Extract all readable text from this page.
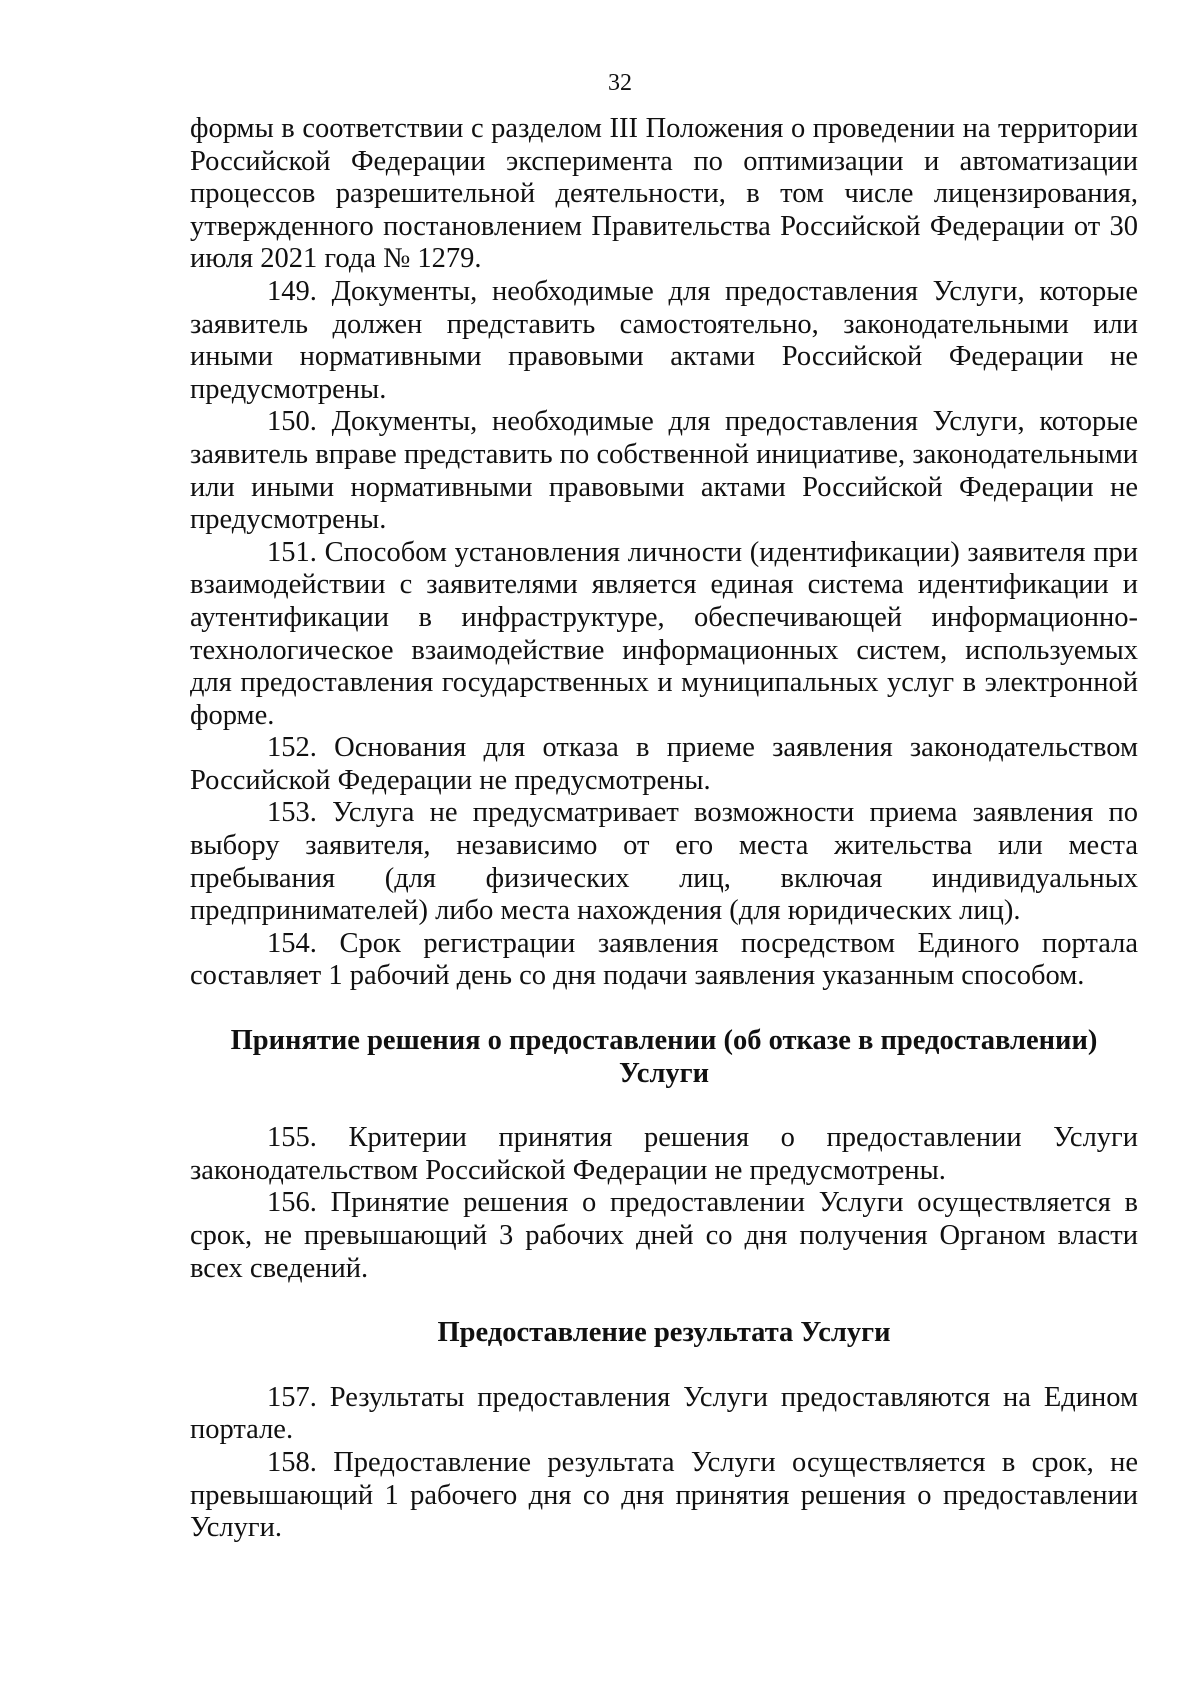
32

формы в соответствии с разделом III Положения о проведении на территории Российской Федерации эксперимента по оптимизации и автоматизации процессов разрешительной деятельности, в том числе лицензирования, утвержденного постановлением Правительства Российской Федерации от 30 июля 2021 года № 1279.

149. Документы, необходимые для предоставления Услуги, которые заявитель должен представить самостоятельно, законодательными или иными нормативными правовыми актами Российской Федерации не предусмотрены.

150. Документы, необходимые для предоставления Услуги, которые заявитель вправе представить по собственной инициативе, законодательными или иными нормативными правовыми актами Российской Федерации не предусмотрены.

151. Способом установления личности (идентификации) заявителя при взаимодействии с заявителями является единая система идентификации и аутентификации в инфраструктуре, обеспечивающей информационно-технологическое взаимодействие информационных систем, используемых для предоставления государственных и муниципальных услуг в электронной форме.

152. Основания для отказа в приеме заявления законодательством Российской Федерации не предусмотрены.

153. Услуга не предусматривает возможности приема заявления по выбору заявителя, независимо от его места жительства или места пребывания (для физических лиц, включая индивидуальных предпринимателей) либо места нахождения (для юридических лиц).

154. Срок регистрации заявления посредством Единого портала составляет 1 рабочий день со дня подачи заявления указанным способом.

Принятие решения о предоставлении (об отказе в предоставлении)
Услуги

155. Критерии принятия решения о предоставлении Услуги законодательством Российской Федерации не предусмотрены.

156. Принятие решения о предоставлении Услуги осуществляется в срок, не превышающий 3 рабочих дней со дня получения Органом власти всех сведений.

Предоставление результата Услуги

157. Результаты предоставления Услуги предоставляются на Едином портале.

158. Предоставление результата Услуги осуществляется в срок, не превышающий 1 рабочего дня со дня принятия решения о предоставлении Услуги.
